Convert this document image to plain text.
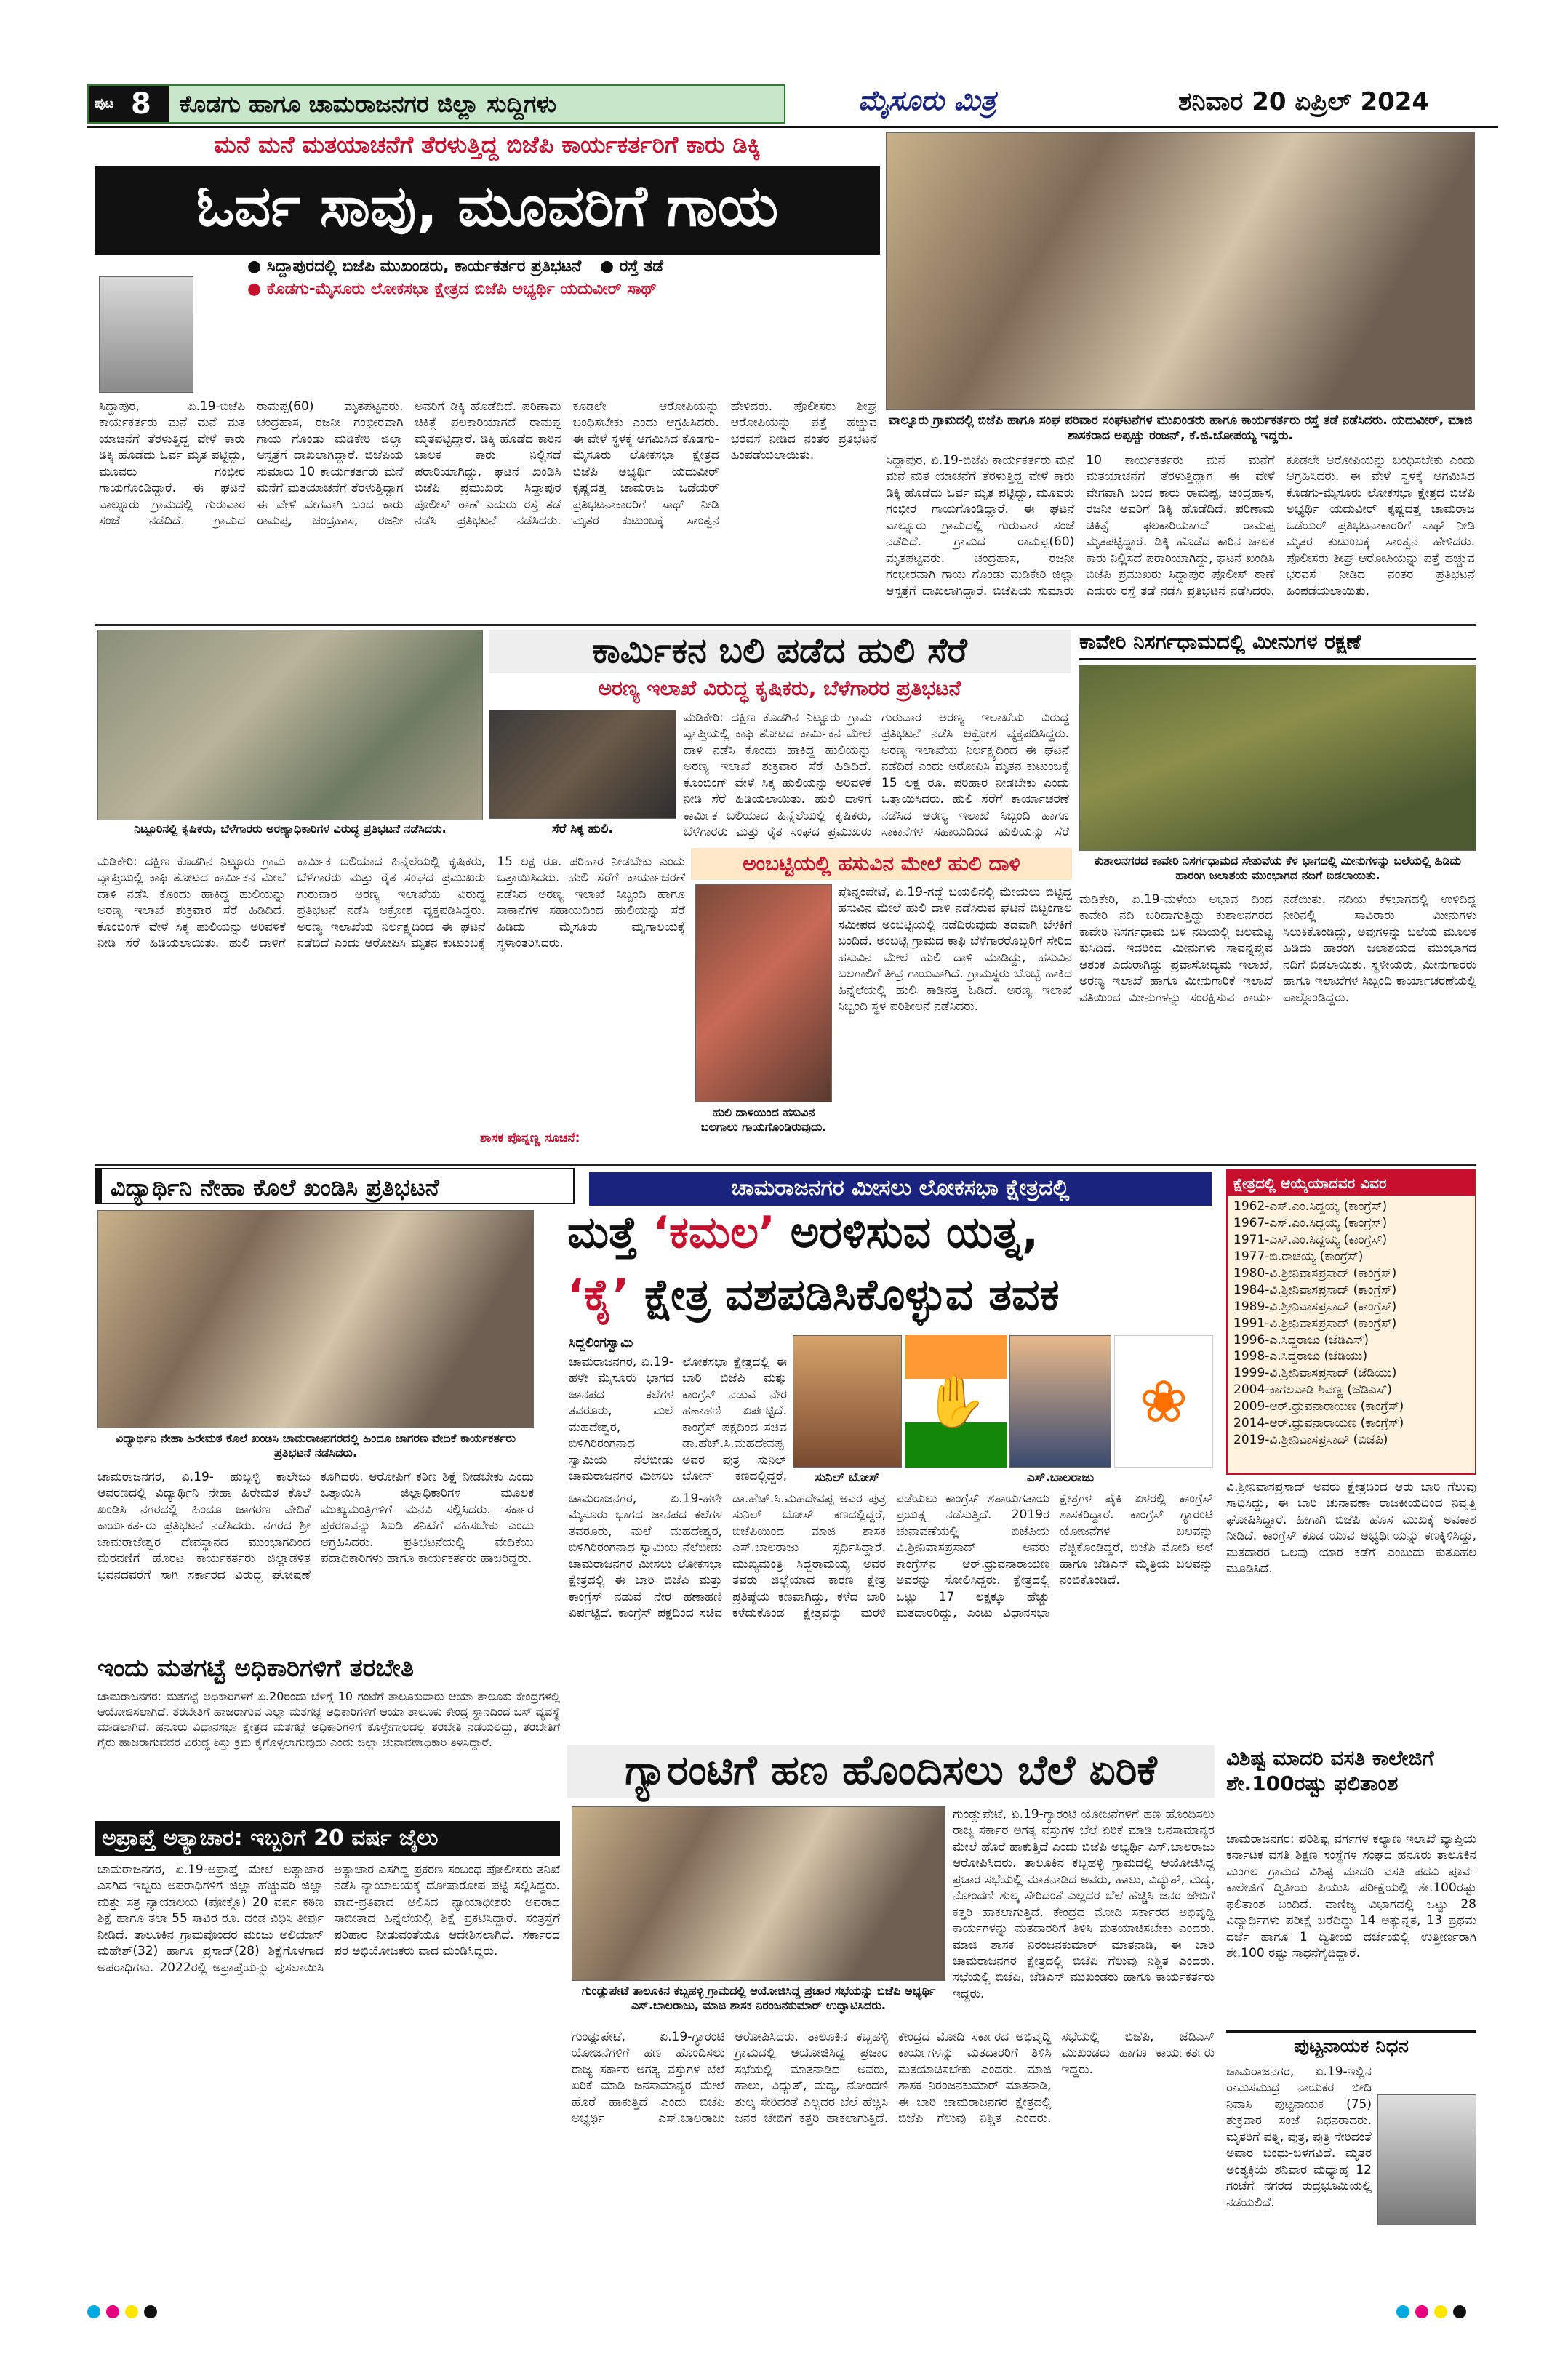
ಪುಟ 8 ಕೊಡಗು ಹಾಗೂ ಚಾಮರಾಜನಗರ ಜಿಲ್ಲಾ ಸುದ್ದಿಗಳು	ಮೈಸೂರು ಮಿತ್ರ	ಶನಿವಾರ 20 ಏಪ್ರಿಲ್ 2024
ಮನೆ ಮನೆ ಮತಯಾಚನೆಗೆ ತೆರಳುತ್ತಿದ್ದ ಬಿಜೆಪಿ ಕಾರ್ಯಕರ್ತರಿಗೆ ಕಾರು ಡಿಕ್ಕಿ
ಓರ್ವ ಸಾವು, ಮೂವರಿಗೆ ಗಾಯ
● ಸಿದ್ದಾಪುರದಲ್ಲಿ ಬಿಜೆಪಿ ಮುಖಂಡರು, ಕಾರ್ಯಕರ್ತರ ಪ್ರತಿಭಟನೆ ● ರಸ್ತೆ ತಡೆ
● ಕೊಡಗು-ಮೈಸೂರು ಲೋಕಸಭಾ ಕ್ಷೇತ್ರದ ಬಿಜೆಪಿ ಅಭ್ಯರ್ಥಿ ಯದುವೀರ್ ಸಾಥ್
ಸಿದ್ದಾಪುರ, ಏ.19-ಬಿಜೆಪಿ ಕಾರ್ಯಕರ್ತರು ಮನೆ ಮನೆ ಮತ ಯಾಚನೆಗೆ ತೆರಳುತ್ತಿದ್ದ ವೇಳೆ ಕಾರು ಡಿಕ್ಕಿ ಹೊಡೆದು ಓರ್ವ ಮೃತ ಪಟ್ಟಿದ್ದು, ಮೂವರು ಗಂಭೀರ ಗಾಯಗೊಂಡಿದ್ದಾರೆ. ಈ ಘಟನೆ ವಾಲ್ನೂರು ಗ್ರಾಮದಲ್ಲಿ ಗುರುವಾರ ಸಂಜೆ ನಡೆದಿದೆ. ಗ್ರಾಮದ ರಾಮಪ್ಪ(60) ಮೃತಪಟ್ಟವರು. ಚಂದ್ರಹಾಸ, ರಜನೀ ಗಂಭೀರವಾಗಿ ಗಾಯ ಗೊಂಡು ಮಡಿಕೇರಿ ಜಿಲ್ಲಾ ಆಸ್ಪತ್ರೆಗೆ ದಾಖಲಾಗಿದ್ದಾರೆ. ಬಿಜೆಪಿಯ ಸುಮಾರು 10 ಕಾರ್ಯಕರ್ತರು ಮನೆ ಮನೆಗೆ ಮತಯಾಚನೆಗೆ ತೆರಳುತ್ತಿದ್ದಾಗ ಈ ವೇಳೆ ವೇಗವಾಗಿ ಬಂದ ಕಾರು ರಾಮಪ್ಪ, ಚಂದ್ರಹಾಸ, ರಜನೀ ಅವರಿಗೆ ಡಿಕ್ಕಿ ಹೊಡೆದಿದೆ. ಪರಿಣಾಮ ಚಿಕಿತ್ಸೆ ಫಲಕಾರಿಯಾಗದೆ ರಾಮಪ್ಪ ಮೃತಪಟ್ಟಿದ್ದಾರೆ. ಡಿಕ್ಕಿ ಹೊಡೆದ ಕಾರಿನ ಚಾಲಕ ಕಾರು ನಿಲ್ಲಿಸದೆ ಪರಾರಿಯಾಗಿದ್ದು, ಘಟನೆ ಖಂಡಿಸಿ ಬಿಜೆಪಿ ಪ್ರಮುಖರು ಸಿದ್ದಾಪುರ ಪೊಲೀಸ್ ಠಾಣೆ ಎದುರು ರಸ್ತೆ ತಡೆ ನಡೆಸಿ ಪ್ರತಿಭಟನೆ ನಡೆಸಿದರು. ಕೂಡಲೇ ಆರೋಪಿಯನ್ನು ಬಂಧಿಸಬೇಕು ಎಂದು ಆಗ್ರಹಿಸಿದರು. ಈ ವೇಳೆ ಸ್ಥಳಕ್ಕೆ ಆಗಮಿಸಿದ ಕೊಡಗು-ಮೈಸೂರು ಲೋಕಸಭಾ ಕ್ಷೇತ್ರದ ಬಿಜೆಪಿ ಅಭ್ಯರ್ಥಿ ಯದುವೀರ್ ಕೃಷ್ಣದತ್ತ ಚಾಮರಾಜ ಒಡೆಯರ್ ಪ್ರತಿಭಟನಾಕಾರರಿಗೆ ಸಾಥ್ ನೀಡಿ ಮೃತರ ಕುಟುಂಬಕ್ಕೆ ಸಾಂತ್ವನ ಹೇಳಿದರು. ಪೊಲೀಸರು ಶೀಘ್ರ ಆರೋಪಿಯನ್ನು ಪತ್ತೆ ಹಚ್ಚುವ ಭರವಸೆ ನೀಡಿದ ನಂತರ ಪ್ರತಿಭಟನೆ ಹಿಂಪಡೆಯಲಾಯಿತು.
ವಾಲ್ನೂರು ಗ್ರಾಮದಲ್ಲಿ ಬಿಜೆಪಿ ಹಾಗೂ ಸಂಘ ಪರಿವಾರ ಸಂಘಟನೆಗಳ ಮುಖಂಡರು ಹಾಗೂ ಕಾರ್ಯಕರ್ತರು ರಸ್ತೆ ತಡೆ ನಡೆಸಿದರು. ಯದುವೀರ್, ಮಾಜಿ ಶಾಸಕರಾದ ಅಪ್ಪಚ್ಚು ರಂಜನ್, ಕೆ.ಜಿ.ಬೋಪಯ್ಯ ಇದ್ದರು.
ಸಿದ್ದಾಪುರ, ಏ.19-ಬಿಜೆಪಿ ಕಾರ್ಯಕರ್ತರು ಮನೆ ಮನೆ ಮತ ಯಾಚನೆಗೆ ತೆರಳುತ್ತಿದ್ದ ವೇಳೆ ಕಾರು ಡಿಕ್ಕಿ ಹೊಡೆದು ಓರ್ವ ಮೃತ ಪಟ್ಟಿದ್ದು, ಮೂವರು ಗಂಭೀರ ಗಾಯಗೊಂಡಿದ್ದಾರೆ. ಈ ಘಟನೆ ವಾಲ್ನೂರು ಗ್ರಾಮದಲ್ಲಿ ಗುರುವಾರ ಸಂಜೆ ನಡೆದಿದೆ. ಗ್ರಾಮದ ರಾಮಪ್ಪ(60) ಮೃತಪಟ್ಟವರು. ಚಂದ್ರಹಾಸ, ರಜನೀ ಗಂಭೀರವಾಗಿ ಗಾಯ ಗೊಂಡು ಮಡಿಕೇರಿ ಜಿಲ್ಲಾ ಆಸ್ಪತ್ರೆಗೆ ದಾಖಲಾಗಿದ್ದಾರೆ. ಬಿಜೆಪಿಯ ಸುಮಾರು 10 ಕಾರ್ಯಕರ್ತರು ಮನೆ ಮನೆಗೆ ಮತಯಾಚನೆಗೆ ತೆರಳುತ್ತಿದ್ದಾಗ ಈ ವೇಳೆ ವೇಗವಾಗಿ ಬಂದ ಕಾರು ರಾಮಪ್ಪ, ಚಂದ್ರಹಾಸ, ರಜನೀ ಅವರಿಗೆ ಡಿಕ್ಕಿ ಹೊಡೆದಿದೆ. ಪರಿಣಾಮ ಚಿಕಿತ್ಸೆ ಫಲಕಾರಿಯಾಗದೆ ರಾಮಪ್ಪ ಮೃತಪಟ್ಟಿದ್ದಾರೆ. ಡಿಕ್ಕಿ ಹೊಡೆದ ಕಾರಿನ ಚಾಲಕ ಕಾರು ನಿಲ್ಲಿಸದೆ ಪರಾರಿಯಾಗಿದ್ದು, ಘಟನೆ ಖಂಡಿಸಿ ಬಿಜೆಪಿ ಪ್ರಮುಖರು ಸಿದ್ದಾಪುರ ಪೊಲೀಸ್ ಠಾಣೆ ಎದುರು ರಸ್ತೆ ತಡೆ ನಡೆಸಿ ಪ್ರತಿಭಟನೆ ನಡೆಸಿದರು. ಕೂಡಲೇ ಆರೋಪಿಯನ್ನು ಬಂಧಿಸಬೇಕು ಎಂದು ಆಗ್ರಹಿಸಿದರು. ಈ ವೇಳೆ ಸ್ಥಳಕ್ಕೆ ಆಗಮಿಸಿದ ಕೊಡಗು-ಮೈಸೂರು ಲೋಕಸಭಾ ಕ್ಷೇತ್ರದ ಬಿಜೆಪಿ ಅಭ್ಯರ್ಥಿ ಯದುವೀರ್ ಕೃಷ್ಣದತ್ತ ಚಾಮರಾಜ ಒಡೆಯರ್ ಪ್ರತಿಭಟನಾಕಾರರಿಗೆ ಸಾಥ್ ನೀಡಿ ಮೃತರ ಕುಟುಂಬಕ್ಕೆ ಸಾಂತ್ವನ ಹೇಳಿದರು. ಪೊಲೀಸರು ಶೀಘ್ರ ಆರೋಪಿಯನ್ನು ಪತ್ತೆ ಹಚ್ಚುವ ಭರವಸೆ ನೀಡಿದ ನಂತರ ಪ್ರತಿಭಟನೆ ಹಿಂಪಡೆಯಲಾಯಿತು.
ನಿಟ್ಟೂರಿನಲ್ಲಿ ಕೃಷಿಕರು, ಬೆಳೆಗಾರರು ಅರಣ್ಯಾಧಿಕಾರಿಗಳ ವಿರುದ್ಧ ಪ್ರತಿಭಟನೆ ನಡೆಸಿದರು.
ಕಾರ್ಮಿಕನ ಬಲಿ ಪಡೆದ ಹುಲಿ ಸೆರೆ
ಅರಣ್ಯ ಇಲಾಖೆ ವಿರುದ್ಧ ಕೃಷಿಕರು, ಬೆಳೆಗಾರರ ಪ್ರತಿಭಟನೆ
ಸೆರೆ ಸಿಕ್ಕ ಹುಲಿ.
ಮಡಿಕೇರಿ: ದಕ್ಷಿಣ ಕೊಡಗಿನ ನಿಟ್ಟೂರು ಗ್ರಾಮ ವ್ಯಾಪ್ತಿಯಲ್ಲಿ ಕಾಫಿ ತೋಟದ ಕಾರ್ಮಿಕನ ಮೇಲೆ ದಾಳಿ ನಡೆಸಿ ಕೊಂದು ಹಾಕಿದ್ದ ಹುಲಿಯನ್ನು ಅರಣ್ಯ ಇಲಾಖೆ ಶುಕ್ರವಾರ ಸೆರೆ ಹಿಡಿದಿದೆ. ಕೊಂಬಿಂಗ್ ವೇಳೆ ಸಿಕ್ಕ ಹುಲಿಯನ್ನು ಅರಿವಳಿಕೆ ನೀಡಿ ಸೆರೆ ಹಿಡಿಯಲಾಯಿತು. ಹುಲಿ ದಾಳಿಗೆ ಕಾರ್ಮಿಕ ಬಲಿಯಾದ ಹಿನ್ನೆಲೆಯಲ್ಲಿ ಕೃಷಿಕರು, ಬೆಳೆಗಾರರು ಮತ್ತು ರೈತ ಸಂಘದ ಪ್ರಮುಖರು ಗುರುವಾರ ಅರಣ್ಯ ಇಲಾಖೆಯ ವಿರುದ್ಧ ಪ್ರತಿಭಟನೆ ನಡೆಸಿ ಆಕ್ರೋಶ ವ್ಯಕ್ತಪಡಿಸಿದ್ದರು. ಅರಣ್ಯ ಇಲಾಖೆಯ ನಿರ್ಲಕ್ಷ್ಯದಿಂದ ಈ ಘಟನೆ ನಡೆದಿದೆ ಎಂದು ಆರೋಪಿಸಿ ಮೃತನ ಕುಟುಂಬಕ್ಕೆ 15 ಲಕ್ಷ ರೂ. ಪರಿಹಾರ ನೀಡಬೇಕು ಎಂದು ಒತ್ತಾಯಿಸಿದರು. ಹುಲಿ ಸೆರೆಗೆ ಕಾರ್ಯಾಚರಣೆ ನಡೆಸಿದ ಅರಣ್ಯ ಇಲಾಖೆ ಸಿಬ್ಬಂದಿ ಹಾಗೂ ಸಾಕಾನೆಗಳ ಸಹಾಯದಿಂದ ಹುಲಿಯನ್ನು ಸೆರೆ
ಮಡಿಕೇರಿ: ದಕ್ಷಿಣ ಕೊಡಗಿನ ನಿಟ್ಟೂರು ಗ್ರಾಮ ವ್ಯಾಪ್ತಿಯಲ್ಲಿ ಕಾಫಿ ತೋಟದ ಕಾರ್ಮಿಕನ ಮೇಲೆ ದಾಳಿ ನಡೆಸಿ ಕೊಂದು ಹಾಕಿದ್ದ ಹುಲಿಯನ್ನು ಅರಣ್ಯ ಇಲಾಖೆ ಶುಕ್ರವಾರ ಸೆರೆ ಹಿಡಿದಿದೆ. ಕೊಂಬಿಂಗ್ ವೇಳೆ ಸಿಕ್ಕ ಹುಲಿಯನ್ನು ಅರಿವಳಿಕೆ ನೀಡಿ ಸೆರೆ ಹಿಡಿಯಲಾಯಿತು. ಹುಲಿ ದಾಳಿಗೆ ಕಾರ್ಮಿಕ ಬಲಿಯಾದ ಹಿನ್ನೆಲೆಯಲ್ಲಿ ಕೃಷಿಕರು, ಬೆಳೆಗಾರರು ಮತ್ತು ರೈತ ಸಂಘದ ಪ್ರಮುಖರು ಗುರುವಾರ ಅರಣ್ಯ ಇಲಾಖೆಯ ವಿರುದ್ಧ ಪ್ರತಿಭಟನೆ ನಡೆಸಿ ಆಕ್ರೋಶ ವ್ಯಕ್ತಪಡಿಸಿದ್ದರು. ಅರಣ್ಯ ಇಲಾಖೆಯ ನಿರ್ಲಕ್ಷ್ಯದಿಂದ ಈ ಘಟನೆ ನಡೆದಿದೆ ಎಂದು ಆರೋಪಿಸಿ ಮೃತನ ಕುಟುಂಬಕ್ಕೆ 15 ಲಕ್ಷ ರೂ. ಪರಿಹಾರ ನೀಡಬೇಕು ಎಂದು ಒತ್ತಾಯಿಸಿದರು. ಹುಲಿ ಸೆರೆಗೆ ಕಾರ್ಯಾಚರಣೆ ನಡೆಸಿದ ಅರಣ್ಯ ಇಲಾಖೆ ಸಿಬ್ಬಂದಿ ಹಾಗೂ ಸಾಕಾನೆಗಳ ಸಹಾಯದಿಂದ ಹುಲಿಯನ್ನು ಸೆರೆ ಹಿಡಿದು ಮೈಸೂರು ಮೃಗಾಲಯಕ್ಕೆ ಸ್ಥಳಾಂತರಿಸಿದರು.
ಶಾಸಕ ಪೊನ್ನಣ್ಣ ಸೂಚನೆ:
ಕಾವೇರಿ ನಿಸರ್ಗಧಾಮದಲ್ಲಿ ಮೀನುಗಳ ರಕ್ಷಣೆ
ಕುಶಾಲನಗರದ ಕಾವೇರಿ ನಿಸರ್ಗಧಾಮದ ಸೇತುವೆಯ ಕೆಳ ಭಾಗದಲ್ಲಿ ಮೀನುಗಳನ್ನು ಬಲೆಯಲ್ಲಿ ಹಿಡಿದು ಹಾರಂಗಿ ಜಲಾಶಯ ಮುಂಭಾಗದ ನದಿಗೆ ಬಿಡಲಾಯಿತು.
ಮಡಿಕೇರಿ, ಏ.19-ಮಳೆಯ ಅಭಾವ ದಿಂದ ಕಾವೇರಿ ನದಿ ಬರಿದಾಗುತ್ತಿದ್ದು ಕುಶಾಲನಗರದ ಕಾವೇರಿ ನಿಸರ್ಗಧಾಮ ಬಳಿ ನದಿಯಲ್ಲಿ ಜಲಮಟ್ಟ ಕುಸಿದಿದೆ. ಇದರಿಂದ ಮೀನುಗಳು ಸಾವನ್ನಪ್ಪುವ ಆತಂಕ ಎದುರಾಗಿದ್ದು ಪ್ರವಾಸೋದ್ಯಮ ಇಲಾಖೆ, ಅರಣ್ಯ ಇಲಾಖೆ ಹಾಗೂ ಮೀನುಗಾರಿಕೆ ಇಲಾಖೆ ವತಿಯಿಂದ ಮೀನುಗಳನ್ನು ಸಂರಕ್ಷಿಸುವ ಕಾರ್ಯ ನಡೆಯಿತು. ನದಿಯ ಕೆಳಭಾಗದಲ್ಲಿ ಉಳಿದಿದ್ದ ನೀರಿನಲ್ಲಿ ಸಾವಿರಾರು ಮೀನುಗಳು ಸಿಲುಕಿಕೊಂಡಿದ್ದು, ಅವುಗಳನ್ನು ಬಲೆಯ ಮೂಲಕ ಹಿಡಿದು ಹಾರಂಗಿ ಜಲಾಶಯದ ಮುಂಭಾಗದ ನದಿಗೆ ಬಿಡಲಾಯಿತು. ಸ್ಥಳೀಯರು, ಮೀನುಗಾರರು ಹಾಗೂ ಇಲಾಖೆಗಳ ಸಿಬ್ಬಂದಿ ಕಾರ್ಯಾಚರಣೆಯಲ್ಲಿ ಪಾಲ್ಗೊಂಡಿದ್ದರು.
ಅಂಬಟ್ಟಿಯಲ್ಲಿ ಹಸುವಿನ ಮೇಲೆ ಹುಲಿ ದಾಳಿ
ಹುಲಿ ದಾಳಿಯಿಂದ ಹಸುವಿನ ಬಲಗಾಲು ಗಾಯಗೊಂಡಿರುವುದು.
ಪೊನ್ನಂಪೇಟೆ, ಏ.19-ಗದ್ದೆ ಬಯಲಿನಲ್ಲಿ ಮೇಯಲು ಬಿಟ್ಟಿದ್ದ ಹಸುವಿನ ಮೇಲೆ ಹುಲಿ ದಾಳಿ ನಡೆಸಿರುವ ಘಟನೆ ಬಿಟ್ಟಂಗಾಲ ಸಮೀಪದ ಅಂಬಟ್ಟಿಯಲ್ಲಿ ನಡೆದಿರುವುದು ತಡವಾಗಿ ಬೆಳಕಿಗೆ ಬಂದಿದೆ. ಅಂಬಟ್ಟಿ ಗ್ರಾಮದ ಕಾಫಿ ಬೆಳೆಗಾರರೊಬ್ಬರಿಗೆ ಸೇರಿದ ಹಸುವಿನ ಮೇಲೆ ಹುಲಿ ದಾಳಿ ಮಾಡಿದ್ದು, ಹಸುವಿನ ಬಲಗಾಲಿಗೆ ತೀವ್ರ ಗಾಯವಾಗಿದೆ. ಗ್ರಾಮಸ್ಥರು ಬೊಬ್ಬೆ ಹಾಕಿದ ಹಿನ್ನೆಲೆಯಲ್ಲಿ ಹುಲಿ ಕಾಡಿನತ್ತ ಓಡಿದೆ. ಅರಣ್ಯ ಇಲಾಖೆ ಸಿಬ್ಬಂದಿ ಸ್ಥಳ ಪರಿಶೀಲನೆ ನಡೆಸಿದರು.
ವಿದ್ಯಾರ್ಥಿನಿ ನೇಹಾ ಕೊಲೆ ಖಂಡಿಸಿ ಪ್ರತಿಭಟನೆ
ವಿದ್ಯಾರ್ಥಿನಿ ನೇಹಾ ಹಿರೇಮಠ ಕೊಲೆ ಖಂಡಿಸಿ ಚಾಮರಾಜನಗರದಲ್ಲಿ ಹಿಂದೂ ಜಾಗರಣ ವೇದಿಕೆ ಕಾರ್ಯಕರ್ತರು ಪ್ರತಿಭಟನೆ ನಡೆಸಿದರು.
ಚಾಮರಾಜನಗರ, ಏ.19- ಹುಬ್ಬಳ್ಳಿ ಕಾಲೇಜು ಆವರಣದಲ್ಲಿ ವಿದ್ಯಾರ್ಥಿನಿ ನೇಹಾ ಹಿರೇಮಠ ಕೊಲೆ ಖಂಡಿಸಿ ನಗರದಲ್ಲಿ ಹಿಂದೂ ಜಾಗರಣ ವೇದಿಕೆ ಕಾರ್ಯಕರ್ತರು ಪ್ರತಿಭಟನೆ ನಡೆಸಿದರು. ನಗರದ ಶ್ರೀ ಚಾಮರಾಜೇಶ್ವರ ದೇವಸ್ಥಾನದ ಮುಂಭಾಗದಿಂದ ಮೆರವಣಿಗೆ ಹೊರಟ ಕಾರ್ಯಕರ್ತರು ಜಿಲ್ಲಾಡಳಿತ ಭವನದವರೆಗೆ ಸಾಗಿ ಸರ್ಕಾರದ ವಿರುದ್ಧ ಘೋಷಣೆ ಕೂಗಿದರು. ಆರೋಪಿಗೆ ಕಠಿಣ ಶಿಕ್ಷೆ ನೀಡಬೇಕು ಎಂದು ಒತ್ತಾಯಿಸಿ ಜಿಲ್ಲಾಧಿಕಾರಿಗಳ ಮೂಲಕ ಮುಖ್ಯಮಂತ್ರಿಗಳಿಗೆ ಮನವಿ ಸಲ್ಲಿಸಿದರು. ಸರ್ಕಾರ ಪ್ರಕರಣವನ್ನು ಸಿಐಡಿ ತನಿಖೆಗೆ ವಹಿಸಬೇಕು ಎಂದು ಆಗ್ರಹಿಸಿದರು. ಪ್ರತಿಭಟನೆಯಲ್ಲಿ ವೇದಿಕೆಯ ಪದಾಧಿಕಾರಿಗಳು ಹಾಗೂ ಕಾರ್ಯಕರ್ತರು ಹಾಜರಿದ್ದರು.
ಚಾಮರಾಜನಗರ ಮೀಸಲು ಲೋಕಸಭಾ ಕ್ಷೇತ್ರದಲ್ಲಿ
ಮತ್ತೆ ‘ಕಮಲ’ ಅರಳಿಸುವ ಯತ್ನ,
‘ಕೈ’ ಕ್ಷೇತ್ರ ವಶಪಡಿಸಿಕೊಳ್ಳುವ ತವಕ
ಸಿದ್ದಲಿಂಗಸ್ವಾಮಿ
ಚಾಮರಾಜನಗರ, ಏ.19-ಹಳೇ ಮೈಸೂರು ಭಾಗದ ಜಾನಪದ ಕಲೆಗಳ ತವರೂರು, ಮಲೆ ಮಹದೇಶ್ವರ, ಬಿಳಿಗಿರಿರಂಗನಾಥ ಸ್ವಾಮಿಯ ನೆಲೆಬೀಡು ಚಾಮರಾಜನಗರ ಮೀಸಲು ಲೋಕಸಭಾ ಕ್ಷೇತ್ರದಲ್ಲಿ ಈ ಬಾರಿ ಬಿಜೆಪಿ ಮತ್ತು ಕಾಂಗ್ರೆಸ್ ನಡುವೆ ನೇರ ಹಣಾಹಣಿ ಏರ್ಪಟ್ಟಿದೆ. ಕಾಂಗ್ರೆಸ್ ಪಕ್ಷದಿಂದ ಸಚಿವ ಡಾ.ಹೆಚ್.ಸಿ.ಮಹದೇವಪ್ಪ ಅವರ ಪುತ್ರ ಸುನಿಲ್ ಬೋಸ್ ಕಣದಲ್ಲಿದ್ದರೆ,
✋	❀
ಸುನಿಲ್ ಬೋಸ್	ಎಸ್.ಬಾಲರಾಜು
ಚಾಮರಾಜನಗರ, ಏ.19-ಹಳೇ ಮೈಸೂರು ಭಾಗದ ಜಾನಪದ ಕಲೆಗಳ ತವರೂರು, ಮಲೆ ಮಹದೇಶ್ವರ, ಬಿಳಿಗಿರಿರಂಗನಾಥ ಸ್ವಾಮಿಯ ನೆಲೆಬೀಡು ಚಾಮರಾಜನಗರ ಮೀಸಲು ಲೋಕಸಭಾ ಕ್ಷೇತ್ರದಲ್ಲಿ ಈ ಬಾರಿ ಬಿಜೆಪಿ ಮತ್ತು ಕಾಂಗ್ರೆಸ್ ನಡುವೆ ನೇರ ಹಣಾಹಣಿ ಏರ್ಪಟ್ಟಿದೆ. ಕಾಂಗ್ರೆಸ್ ಪಕ್ಷದಿಂದ ಸಚಿವ ಡಾ.ಹೆಚ್.ಸಿ.ಮಹದೇವಪ್ಪ ಅವರ ಪುತ್ರ ಸುನಿಲ್ ಬೋಸ್ ಕಣದಲ್ಲಿದ್ದರೆ, ಬಿಜೆಪಿಯಿಂದ ಮಾಜಿ ಶಾಸಕ ಎಸ್.ಬಾಲರಾಜು ಸ್ಪರ್ಧಿಸಿದ್ದಾರೆ. ಮುಖ್ಯಮಂತ್ರಿ ಸಿದ್ದರಾಮಯ್ಯ ಅವರ ತವರು ಜಿಲ್ಲೆಯಾದ ಕಾರಣ ಕ್ಷೇತ್ರ ಪ್ರತಿಷ್ಠೆಯ ಕಣವಾಗಿದ್ದು, ಕಳೆದ ಬಾರಿ ಕಳೆದುಕೊಂಡ ಕ್ಷೇತ್ರವನ್ನು ಮರಳಿ ಪಡೆಯಲು ಕಾಂಗ್ರೆಸ್ ಶತಾಯಗತಾಯ ಪ್ರಯತ್ನ ನಡೆಸುತ್ತಿದೆ. 2019ರ ಚುನಾವಣೆಯಲ್ಲಿ ಬಿಜೆಪಿಯ ವಿ.ಶ್ರೀನಿವಾಸಪ್ರಸಾದ್ ಅವರು ಕಾಂಗ್ರೆಸ್‍ನ ಆರ್.ಧ್ರುವನಾರಾಯಣ ಅವರನ್ನು ಸೋಲಿಸಿದ್ದರು. ಕ್ಷೇತ್ರದಲ್ಲಿ ಒಟ್ಟು 17 ಲಕ್ಷಕ್ಕೂ ಹೆಚ್ಚು ಮತದಾರರಿದ್ದು, ಎಂಟು ವಿಧಾನಸಭಾ ಕ್ಷೇತ್ರಗಳ ಪೈಕಿ ಏಳರಲ್ಲಿ ಕಾಂಗ್ರೆಸ್ ಶಾಸಕರಿದ್ದಾರೆ. ಕಾಂಗ್ರೆಸ್ ಗ್ಯಾರಂಟಿ ಯೋಜನೆಗಳ ಬಲವನ್ನು ನೆಚ್ಚಿಕೊಂಡಿದ್ದರೆ, ಬಿಜೆಪಿ ಮೋದಿ ಅಲೆ ಹಾಗೂ ಜೆಡಿಎಸ್ ಮೈತ್ರಿಯ ಬಲವನ್ನು ನಂಬಿಕೊಂಡಿದೆ.
ಕ್ಷೇತ್ರದಲ್ಲಿ ಆಯ್ಕೆಯಾದವರ ವಿವರ
1962-ಎಸ್.ಎಂ.ಸಿದ್ದಯ್ಯ (ಕಾಂಗ್ರೆಸ್)
1967-ಎಸ್.ಎಂ.ಸಿದ್ದಯ್ಯ (ಕಾಂಗ್ರೆಸ್)
1971-ಎಸ್.ಎಂ.ಸಿದ್ದಯ್ಯ (ಕಾಂಗ್ರೆಸ್)
1977-ಬಿ.ರಾಚಯ್ಯ (ಕಾಂಗ್ರೆಸ್)
1980-ವಿ.ಶ್ರೀನಿವಾಸಪ್ರಸಾದ್ (ಕಾಂಗ್ರೆಸ್)
1984-ವಿ.ಶ್ರೀನಿವಾಸಪ್ರಸಾದ್ (ಕಾಂಗ್ರೆಸ್)
1989-ವಿ.ಶ್ರೀನಿವಾಸಪ್ರಸಾದ್ (ಕಾಂಗ್ರೆಸ್)
1991-ವಿ.ಶ್ರೀನಿವಾಸಪ್ರಸಾದ್ (ಕಾಂಗ್ರೆಸ್)
1996-ಎ.ಸಿದ್ದರಾಜು (ಜೆಡಿಎಸ್)
1998-ಎ.ಸಿದ್ದರಾಜು (ಜೆಡಿಯು)
1999-ವಿ.ಶ್ರೀನಿವಾಸಪ್ರಸಾದ್ (ಜೆಡಿಯು)
2004-ಕಾಗಲವಾಡಿ ಶಿವಣ್ಣ (ಜೆಡಿಎಸ್)
2009-ಆರ್.ಧ್ರುವನಾರಾಯಣ (ಕಾಂಗ್ರೆಸ್)
2014-ಆರ್.ಧ್ರುವನಾರಾಯಣ (ಕಾಂಗ್ರೆಸ್)
2019-ವಿ.ಶ್ರೀನಿವಾಸಪ್ರಸಾದ್ (ಬಿಜೆಪಿ)
ವಿ.ಶ್ರೀನಿವಾಸಪ್ರಸಾದ್ ಅವರು ಕ್ಷೇತ್ರದಿಂದ ಆರು ಬಾರಿ ಗೆಲುವು ಸಾಧಿಸಿದ್ದು, ಈ ಬಾರಿ ಚುನಾವಣಾ ರಾಜಕೀಯದಿಂದ ನಿವೃತ್ತಿ ಘೋಷಿಸಿದ್ದಾರೆ. ಹೀಗಾಗಿ ಬಿಜೆಪಿ ಹೊಸ ಮುಖಕ್ಕೆ ಅವಕಾಶ ನೀಡಿದೆ. ಕಾಂಗ್ರೆಸ್ ಕೂಡ ಯುವ ಅಭ್ಯರ್ಥಿಯನ್ನು ಕಣಕ್ಕಿಳಿಸಿದ್ದು, ಮತದಾರರ ಒಲವು ಯಾರ ಕಡೆಗೆ ಎಂಬುದು ಕುತೂಹಲ ಮೂಡಿಸಿದೆ.
ಇಂದು ಮತಗಟ್ಟೆ ಅಧಿಕಾರಿಗಳಿಗೆ ತರಬೇತಿ
ಚಾಮರಾಜನಗರ: ಮತಗಟ್ಟೆ ಅಧಿಕಾರಿಗಳಿಗೆ ಏ.20ರಂದು ಬೆಳಿಗ್ಗೆ 10 ಗಂಟೆಗೆ ತಾಲೂಕುವಾರು ಆಯಾ ತಾಲೂಕು ಕೇಂದ್ರಗಳಲ್ಲಿ ಆಯೋಜಿಸಲಾಗಿದೆ. ತರಬೇತಿಗೆ ಹಾಜರಾಗುವ ಎಲ್ಲಾ ಮತಗಟ್ಟೆ ಅಧಿಕಾರಿಗಳಿಗೆ ಆಯಾ ತಾಲೂಕು ಕೇಂದ್ರ ಸ್ಥಾನದಿಂದ ಬಸ್ ವ್ಯವಸ್ಥೆ ಮಾಡಲಾಗಿದೆ. ಹನೂರು ವಿಧಾನಸಭಾ ಕ್ಷೇತ್ರದ ಮತಗಟ್ಟೆ ಅಧಿಕಾರಿಗಳಿಗೆ ಕೊಳ್ಳೇಗಾಲದಲ್ಲಿ ತರಬೇತಿ ನಡೆಯಲಿದ್ದು, ತರಬೇತಿಗೆ ಗೈರು ಹಾಜರಾಗುವವರ ವಿರುದ್ಧ ಶಿಸ್ತು ಕ್ರಮ ಕೈಗೊಳ್ಳಲಾಗುವುದು ಎಂದು ಜಿಲ್ಲಾ ಚುನಾವಣಾಧಿಕಾರಿ ತಿಳಿಸಿದ್ದಾರೆ.
ಅಪ್ರಾಪ್ತೆ ಅತ್ಯಾಚಾರ: ಇಬ್ಬರಿಗೆ 20 ವರ್ಷ ಜೈಲು
ಚಾಮರಾಜನಗರ, ಏ.19-ಅಪ್ರಾಪ್ತೆ ಮೇಲೆ ಅತ್ಯಾಚಾರ ಎಸಗಿದ ಇಬ್ಬರು ಅಪರಾಧಿಗಳಿಗೆ ಜಿಲ್ಲಾ ಹೆಚ್ಚುವರಿ ಜಿಲ್ಲಾ ಮತ್ತು ಸತ್ರ ನ್ಯಾಯಾಲಯ (ಪೋಕ್ಸೊ) 20 ವರ್ಷ ಕಠಿಣ ಶಿಕ್ಷೆ ಹಾಗೂ ತಲಾ 55 ಸಾವಿರ ರೂ. ದಂಡ ವಿಧಿಸಿ ತೀರ್ಪು ನೀಡಿದೆ. ತಾಲೂಕಿನ ಗ್ರಾಮವೊಂದರ ಮಂಜು ಅಲಿಯಾಸ್ ಮಹೇಶ್(32) ಹಾಗೂ ಪ್ರಸಾದ್(28) ಶಿಕ್ಷೆಗೊಳಗಾದ ಅಪರಾಧಿಗಳು. 2022ರಲ್ಲಿ ಅಪ್ರಾಪ್ತೆಯನ್ನು ಪುಸಲಾಯಿಸಿ ಅತ್ಯಾಚಾರ ಎಸಗಿದ್ದ ಪ್ರಕರಣ ಸಂಬಂಧ ಪೋಲೀಸರು ತನಿಖೆ ನಡೆಸಿ ನ್ಯಾಯಾಲಯಕ್ಕೆ ದೋಷಾರೋಪ ಪಟ್ಟಿ ಸಲ್ಲಿಸಿದ್ದರು. ವಾದ-ಪ್ರತಿವಾದ ಆಲಿಸಿದ ನ್ಯಾಯಾಧೀಶರು ಅಪರಾಧ ಸಾಬೀತಾದ ಹಿನ್ನೆಲೆಯಲ್ಲಿ ಶಿಕ್ಷೆ ಪ್ರಕಟಿಸಿದ್ದಾರೆ. ಸಂತ್ರಸ್ತೆಗೆ ಪರಿಹಾರ ನೀಡುವಂತೆಯೂ ಆದೇಶಿಸಲಾಗಿದೆ. ಸರ್ಕಾರದ ಪರ ಅಭಿಯೋಜಕರು ವಾದ ಮಂಡಿಸಿದ್ದರು.
ಗ್ಯಾರಂಟಿಗೆ ಹಣ ಹೊಂದಿಸಲು ಬೆಲೆ ಏರಿಕೆ
ಗುಂಡ್ಲುಪೇಟೆ ತಾಲೂಕಿನ ಕಬ್ಬಹಳ್ಳಿ ಗ್ರಾಮದಲ್ಲಿ ಆಯೋಜಿಸಿದ್ದ ಪ್ರಚಾರ ಸಭೆಯನ್ನು ಬಿಜೆಪಿ ಅಭ್ಯರ್ಥಿ ಎಸ್.ಬಾಲರಾಜು, ಮಾಜಿ ಶಾಸಕ ನಿರಂಜನಕುಮಾರ್ ಉದ್ಘಾಟಿಸಿದರು.
ಗುಂಡ್ಲುಪೇಟೆ, ಏ.19-ಗ್ಯಾರಂಟಿ ಯೋಜನೆಗಳಿಗೆ ಹಣ ಹೊಂದಿಸಲು ರಾಜ್ಯ ಸರ್ಕಾರ ಅಗತ್ಯ ವಸ್ತುಗಳ ಬೆಲೆ ಏರಿಕೆ ಮಾಡಿ ಜನಸಾಮಾನ್ಯರ ಮೇಲೆ ಹೊರೆ ಹಾಕುತ್ತಿದೆ ಎಂದು ಬಿಜೆಪಿ ಅಭ್ಯರ್ಥಿ ಎಸ್.ಬಾಲರಾಜು ಆರೋಪಿಸಿದರು. ತಾಲೂಕಿನ ಕಬ್ಬಹಳ್ಳಿ ಗ್ರಾಮದಲ್ಲಿ ಆಯೋಜಿಸಿದ್ದ ಪ್ರಚಾರ ಸಭೆಯಲ್ಲಿ ಮಾತನಾಡಿದ ಅವರು, ಹಾಲು, ವಿದ್ಯುತ್, ಮದ್ಯ, ನೋಂದಣಿ ಶುಲ್ಕ ಸೇರಿದಂತೆ ಎಲ್ಲದರ ಬೆಲೆ ಹೆಚ್ಚಿಸಿ ಜನರ ಜೇಬಿಗೆ ಕತ್ತರಿ ಹಾಕಲಾಗುತ್ತಿದೆ. ಕೇಂದ್ರದ ಮೋದಿ ಸರ್ಕಾರದ ಅಭಿವೃದ್ಧಿ ಕಾರ್ಯಗಳನ್ನು ಮತದಾರರಿಗೆ ತಿಳಿಸಿ ಮತಯಾಚಿಸಬೇಕು ಎಂದರು. ಮಾಜಿ ಶಾಸಕ ನಿರಂಜನಕುಮಾರ್ ಮಾತನಾಡಿ, ಈ ಬಾರಿ ಚಾಮರಾಜನಗರ ಕ್ಷೇತ್ರದಲ್ಲಿ ಬಿಜೆಪಿ ಗೆಲುವು ನಿಶ್ಚಿತ ಎಂದರು. ಸಭೆಯಲ್ಲಿ ಬಿಜೆಪಿ, ಜೆಡಿಎಸ್ ಮುಖಂಡರು ಹಾಗೂ ಕಾರ್ಯಕರ್ತರು ಇದ್ದರು.
ಗುಂಡ್ಲುಪೇಟೆ, ಏ.19-ಗ್ಯಾರಂಟಿ ಯೋಜನೆಗಳಿಗೆ ಹಣ ಹೊಂದಿಸಲು ರಾಜ್ಯ ಸರ್ಕಾರ ಅಗತ್ಯ ವಸ್ತುಗಳ ಬೆಲೆ ಏರಿಕೆ ಮಾಡಿ ಜನಸಾಮಾನ್ಯರ ಮೇಲೆ ಹೊರೆ ಹಾಕುತ್ತಿದೆ ಎಂದು ಬಿಜೆಪಿ ಅಭ್ಯರ್ಥಿ ಎಸ್.ಬಾಲರಾಜು ಆರೋಪಿಸಿದರು. ತಾಲೂಕಿನ ಕಬ್ಬಹಳ್ಳಿ ಗ್ರಾಮದಲ್ಲಿ ಆಯೋಜಿಸಿದ್ದ ಪ್ರಚಾರ ಸಭೆಯಲ್ಲಿ ಮಾತನಾಡಿದ ಅವರು, ಹಾಲು, ವಿದ್ಯುತ್, ಮದ್ಯ, ನೋಂದಣಿ ಶುಲ್ಕ ಸೇರಿದಂತೆ ಎಲ್ಲದರ ಬೆಲೆ ಹೆಚ್ಚಿಸಿ ಜನರ ಜೇಬಿಗೆ ಕತ್ತರಿ ಹಾಕಲಾಗುತ್ತಿದೆ. ಕೇಂದ್ರದ ಮೋದಿ ಸರ್ಕಾರದ ಅಭಿವೃದ್ಧಿ ಕಾರ್ಯಗಳನ್ನು ಮತದಾರರಿಗೆ ತಿಳಿಸಿ ಮತಯಾಚಿಸಬೇಕು ಎಂದರು. ಮಾಜಿ ಶಾಸಕ ನಿರಂಜನಕುಮಾರ್ ಮಾತನಾಡಿ, ಈ ಬಾರಿ ಚಾಮರಾಜನಗರ ಕ್ಷೇತ್ರದಲ್ಲಿ ಬಿಜೆಪಿ ಗೆಲುವು ನಿಶ್ಚಿತ ಎಂದರು. ಸಭೆಯಲ್ಲಿ ಬಿಜೆಪಿ, ಜೆಡಿಎಸ್ ಮುಖಂಡರು ಹಾಗೂ ಕಾರ್ಯಕರ್ತರು ಇದ್ದರು.
ವಿಶಿಷ್ಟ ಮಾದರಿ ವಸತಿ ಕಾಲೇಜಿಗೆ ಶೇ.100ರಷ್ಟು ಫಲಿತಾಂಶ
ಚಾಮರಾಜನಗರ: ಪರಿಶಿಷ್ಟ ವರ್ಗಗಳ ಕಲ್ಯಾಣ ಇಲಾಖೆ ವ್ಯಾಪ್ತಿಯ ಕರ್ನಾಟಕ ವಸತಿ ಶಿಕ್ಷಣ ಸಂಸ್ಥೆಗಳ ಸಂಘದ ಹನೂರು ತಾಲೂಕಿನ ಮಂಗಲ ಗ್ರಾಮದ ವಿಶಿಷ್ಟ ಮಾದರಿ ವಸತಿ ಪದವಿ ಪೂರ್ವ ಕಾಲೇಜಿಗೆ ದ್ವಿತೀಯ ಪಿಯುಸಿ ಪರೀಕ್ಷೆಯಲ್ಲಿ ಶೇ.100ರಷ್ಟು ಫಲಿತಾಂಶ ಬಂದಿದೆ. ವಾಣಿಜ್ಯ ವಿಭಾಗದಲ್ಲಿ ಒಟ್ಟು 28 ವಿದ್ಯಾರ್ಥಿಗಳು ಪರೀಕ್ಷೆ ಬರೆದಿದ್ದು 14 ಅತ್ಯುನ್ನತ, 13 ಪ್ರಥಮ ದರ್ಜೆ ಹಾಗೂ 1 ದ್ವಿತೀಯ ದರ್ಜೆಯಲ್ಲಿ ಉತ್ತೀರ್ಣರಾಗಿ ಶೇ.100 ರಷ್ಟು ಸಾಧನೆಗೈದಿದ್ದಾರೆ.
ಪುಟ್ಟನಾಯಕ ನಿಧನ
ಚಾಮರಾಜನಗರ, ಏ.19-ಇಲ್ಲಿನ ರಾಮಸಮುದ್ರ ನಾಯಕರ ಬೀದಿ ನಿವಾಸಿ ಪುಟ್ಟನಾಯಕ (75) ಶುಕ್ರವಾರ ಸಂಜೆ ನಿಧನರಾದರು. ಮೃತರಿಗೆ ಪತ್ನಿ, ಪುತ್ರ, ಪುತ್ರಿ ಸೇರಿದಂತೆ ಅಪಾರ ಬಂಧು-ಬಳಗವಿದೆ. ಮೃತರ ಅಂತ್ಯಕ್ರಿಯೆ ಶನಿವಾರ ಮಧ್ಯಾಹ್ನ 12 ಗಂಟೆಗೆ ನಗರದ ರುದ್ರಭೂಮಿಯಲ್ಲಿ ನಡೆಯಲಿದೆ.
